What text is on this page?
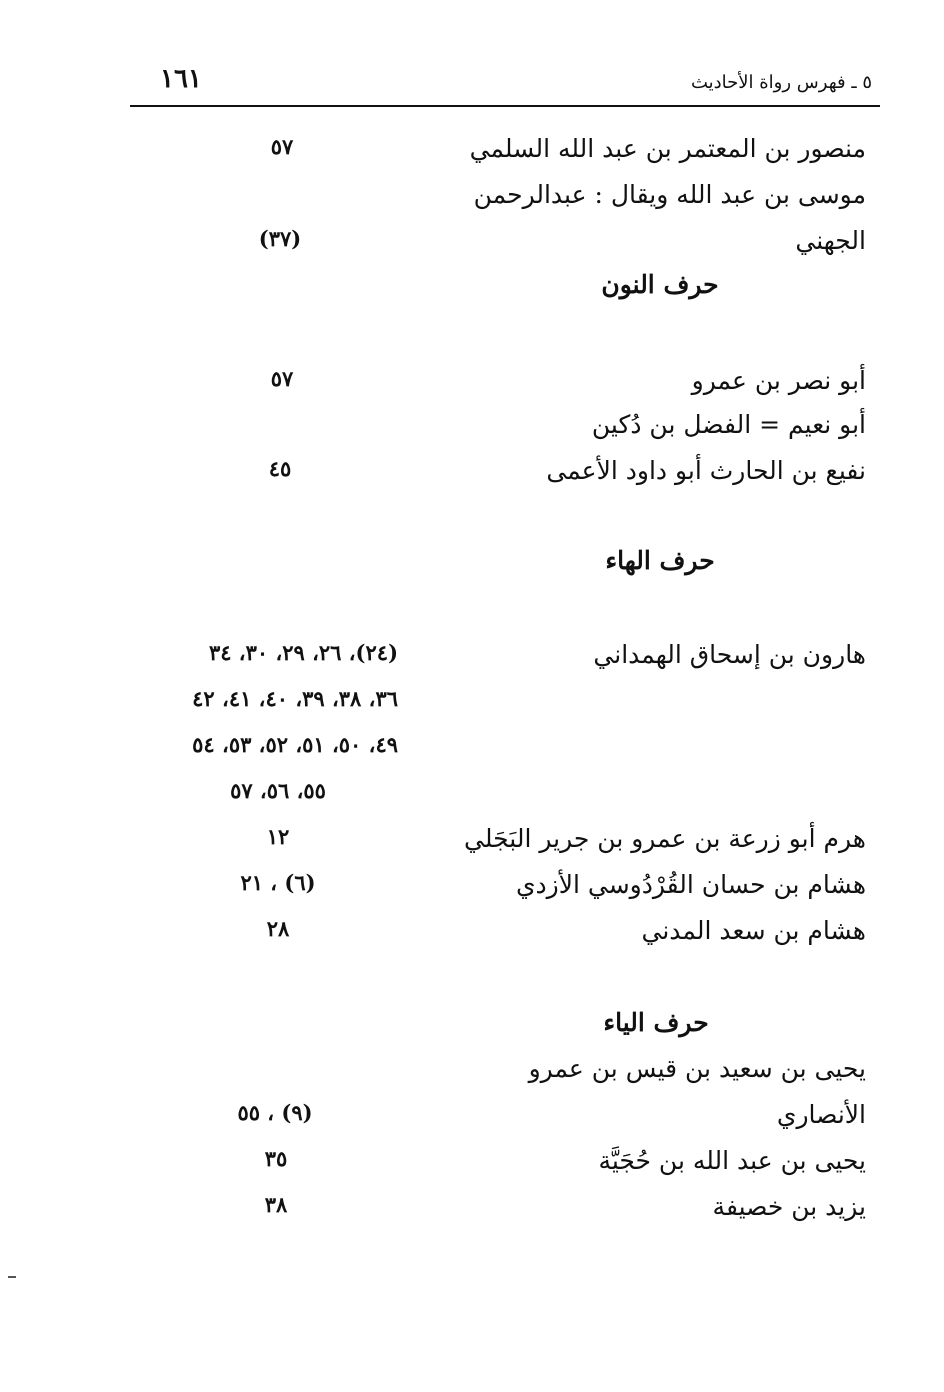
١٦١	٥ ـ فهرس رواة الأحاديث
منصور بن المعتمر بن عبد الله السلمي
٥٧
موسى بن عبد الله ويقال : عبدالرحمن
الجهني
(٣٧)
حرف النون
أبو نصر بن عمرو
٥٧
أبو نعيم = الفضل بن دُكين
نفيع بن الحارث أبو داود الأعمى
٤٥
حرف الهاء
هارون بن إسحاق الهمداني
(٢٤)، ٢٦، ٢٩، ٣٠، ٣٤
٣٦، ٣٨، ٣٩، ٤٠، ٤١، ٤٢
٤٩، ٥٠، ٥١، ٥٢، ٥٣، ٥٤
٥٥، ٥٦، ٥٧
هرم أبو زرعة بن عمرو بن جرير البَجَلي
١٢
هشام بن حسان القُرْدُوسي الأزدي
(٦) ، ٢١
هشام بن سعد المدني
٢٨
حرف الياء
يحيى بن سعيد بن قيس بن عمرو
الأنصاري
(٩) ، ٥٥
يحيى بن عبد الله بن حُجَيَّة
٣٥
يزيد بن خصيفة
٣٨
